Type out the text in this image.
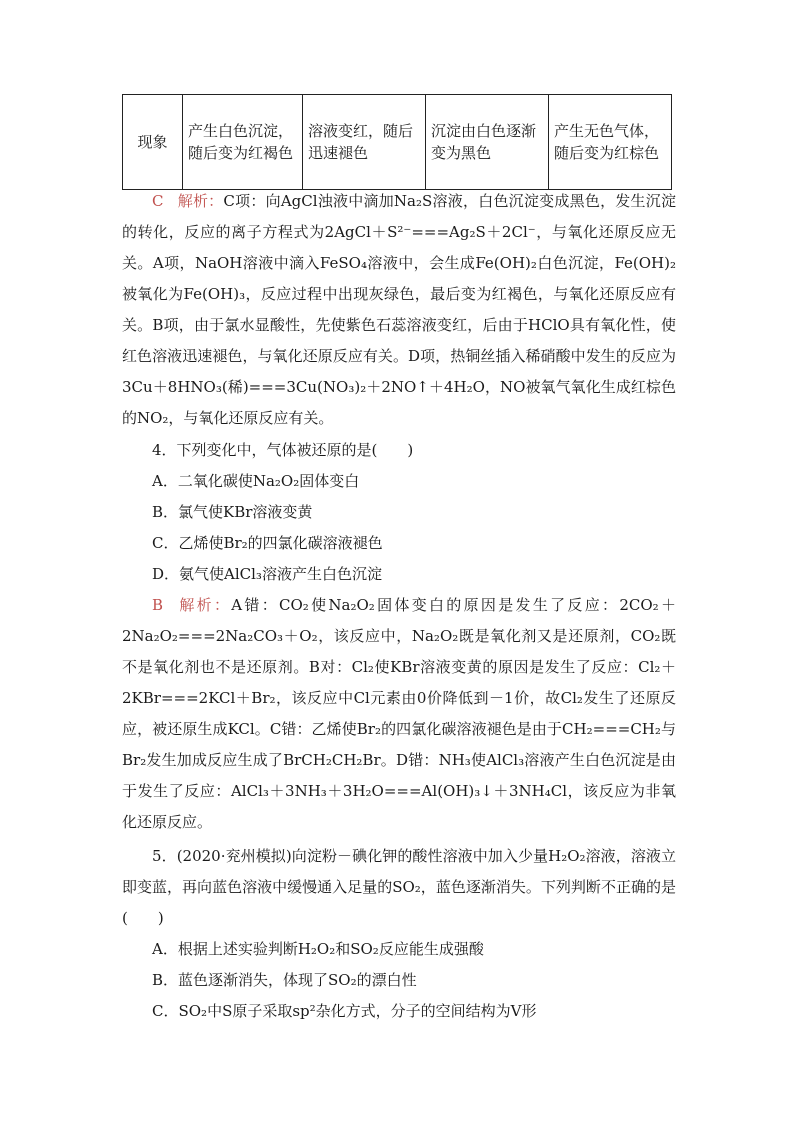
现象	产生白色沉淀，随后变为红褐色	溶液变红，随后迅速褪色	沉淀由白色逐渐变为黑色	产生无色气体，随后变为红棕色
C 解析：C项：向AgCl浊液中滴加Na₂S溶液，白色沉淀变成黑色，发生沉淀的转化，反应的离子方程式为2AgCl＋S²⁻===Ag₂S＋2Cl⁻，与氧化还原反应无关。A项，NaOH溶液中滴入FeSO₄溶液中，会生成Fe(OH)₂白色沉淀，Fe(OH)₂被氧化为Fe(OH)₃，反应过程中出现灰绿色，最后变为红褐色，与氧化还原反应有关。B项，由于氯水显酸性，先使紫色石蕊溶液变红，后由于HClO具有氧化性，使红色溶液迅速褪色，与氧化还原反应有关。D项，热铜丝插入稀硝酸中发生的反应为3Cu＋8HNO₃(稀)===3Cu(NO₃)₂＋2NO↑＋4H₂O，NO被氧气氧化生成红棕色的NO₂，与氧化还原反应有关。
4．下列变化中，气体被还原的是(　　)
A．二氧化碳使Na₂O₂固体变白
B．氯气使KBr溶液变黄
C．乙烯使Br₂的四氯化碳溶液褪色
D．氨气使AlCl₃溶液产生白色沉淀
B 解析：A错：CO₂使Na₂O₂固体变白的原因是发生了反应：2CO₂＋2Na₂O₂===2Na₂CO₃＋O₂，该反应中，Na₂O₂既是氧化剂又是还原剂，CO₂既不是氧化剂也不是还原剂。B对：Cl₂使KBr溶液变黄的原因是发生了反应：Cl₂＋2KBr===2KCl＋Br₂，该反应中Cl元素由0价降低到－1价，故Cl₂发生了还原反应，被还原生成KCl。C错：乙烯使Br₂的四氯化碳溶液褪色是由于CH₂===CH₂与Br₂发生加成反应生成了BrCH₂CH₂Br。D错：NH₃使AlCl₃溶液产生白色沉淀是由于发生了反应：AlCl₃＋3NH₃＋3H₂O===Al(OH)₃↓＋3NH₄Cl，该反应为非氧化还原反应。
5．(2020·兖州模拟)向淀粉－碘化钾的酸性溶液中加入少量H₂O₂溶液，溶液立即变蓝，再向蓝色溶液中缓慢通入足量的SO₂，蓝色逐渐消失。下列判断不正确的是(　　)
A．根据上述实验判断H₂O₂和SO₂反应能生成强酸
B．蓝色逐渐消失，体现了SO₂的漂白性
C．SO₂中S原子采取sp²杂化方式，分子的空间结构为V形
